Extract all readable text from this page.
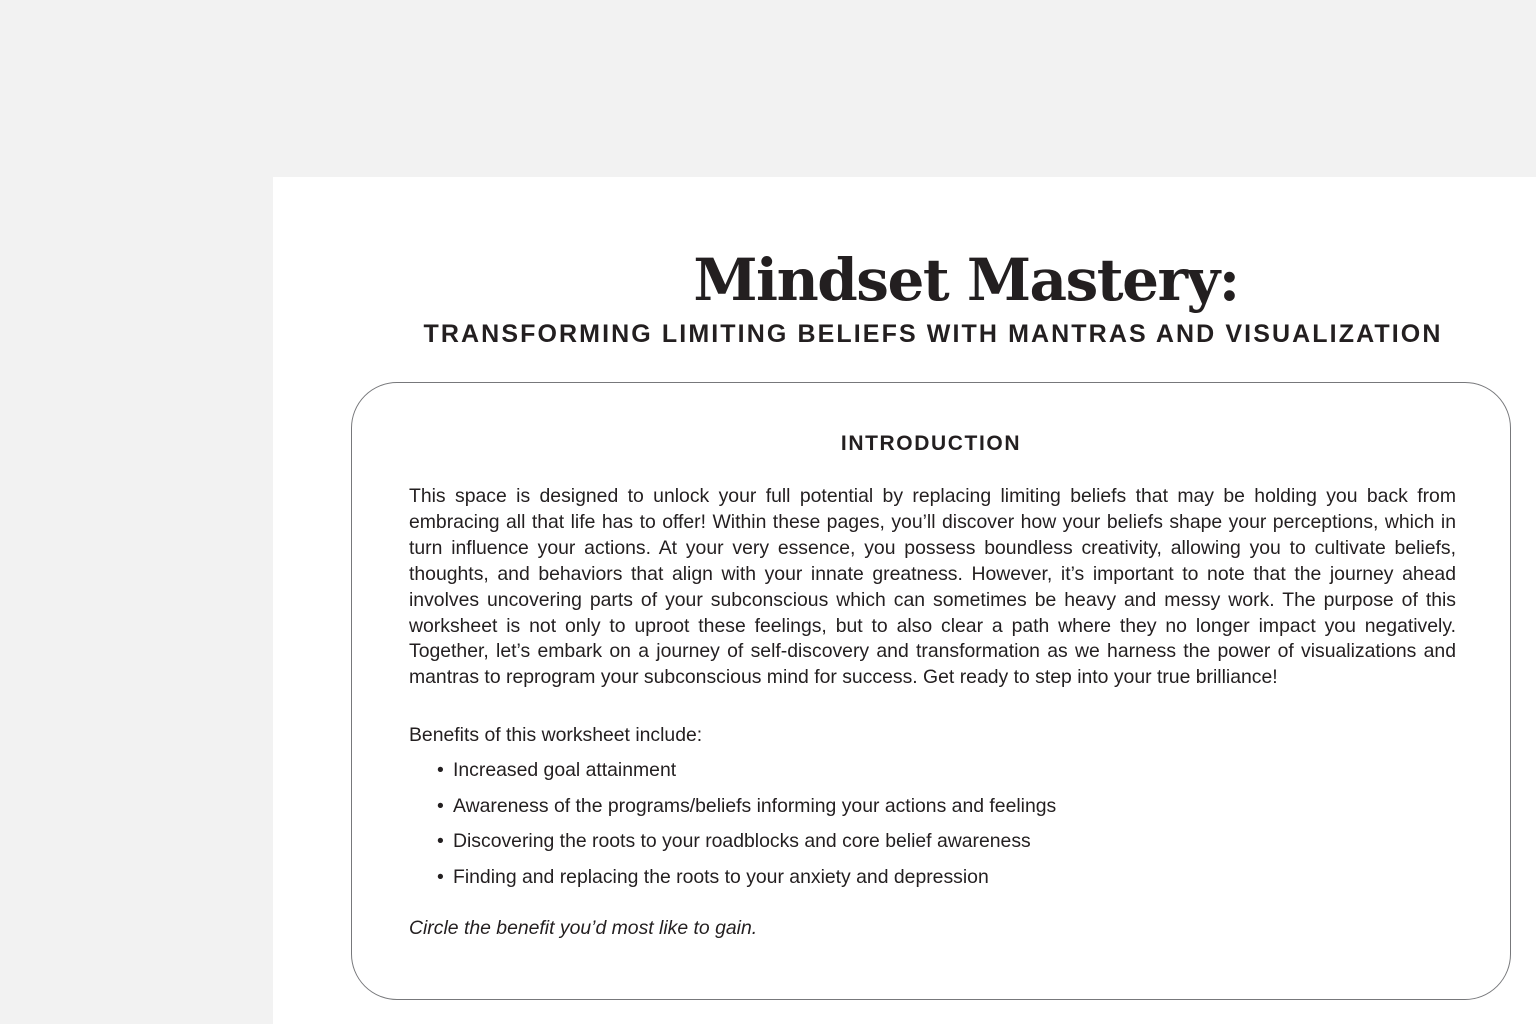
Mindset Mastery:
TRANSFORMING LIMITING BELIEFS WITH MANTRAS AND VISUALIZATION
INTRODUCTION

This space is designed to unlock your full potential by replacing limiting beliefs that may be holding you back from embracing all that life has to offer! Within these pages, you’ll discover how your beliefs shape your perceptions, which in turn influence your actions. At your very essence, you possess boundless creativity, allowing you to cultivate beliefs, thoughts, and behaviors that align with your innate greatness. However, it’s important to note that the journey ahead involves uncovering parts of your subconscious which can sometimes be heavy and messy work. The purpose of this worksheet is not only to uproot these feelings, but to also clear a path where they no longer impact you negatively. Together, let’s embark on a journey of self-discovery and transformation as we harness the power of visualizations and mantras to reprogram your subconscious mind for success. Get ready to step into your true brilliance!

Benefits of this worksheet include:

• Increased goal attainment
• Awareness of the programs/beliefs informing your actions and feelings
• Discovering the roots to your roadblocks and core belief awareness
• Finding and replacing the roots to your anxiety and depression

Circle the benefit you’d most like to gain.
